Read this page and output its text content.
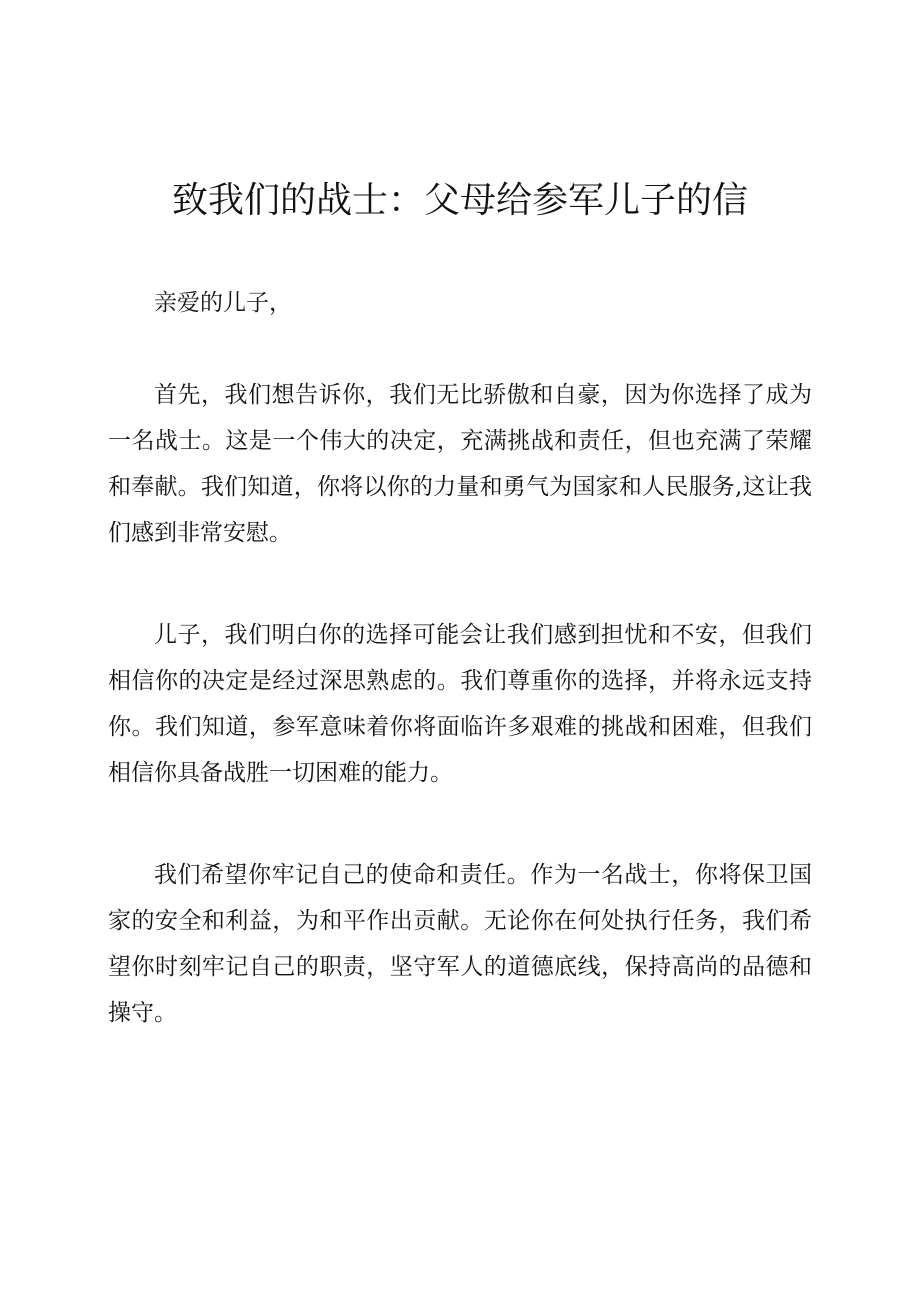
致我们的战士：父母给参军儿子的信

亲爱的儿子，

首先，我们想告诉你，我们无比骄傲和自豪，因为你选择了成为一名战士。这是一个伟大的决定，充满挑战和责任，但也充满了荣耀和奉献。我们知道，你将以你的力量和勇气为国家和人民服务,这让我们感到非常安慰。

儿子，我们明白你的选择可能会让我们感到担忧和不安，但我们相信你的决定是经过深思熟虑的。我们尊重你的选择，并将永远支持你。我们知道，参军意味着你将面临许多艰难的挑战和困难，但我们相信你具备战胜一切困难的能力。

我们希望你牢记自己的使命和责任。作为一名战士，你将保卫国家的安全和利益，为和平作出贡献。无论你在何处执行任务，我们希望你时刻牢记自己的职责，坚守军人的道德底线，保持高尚的品德和操守。
